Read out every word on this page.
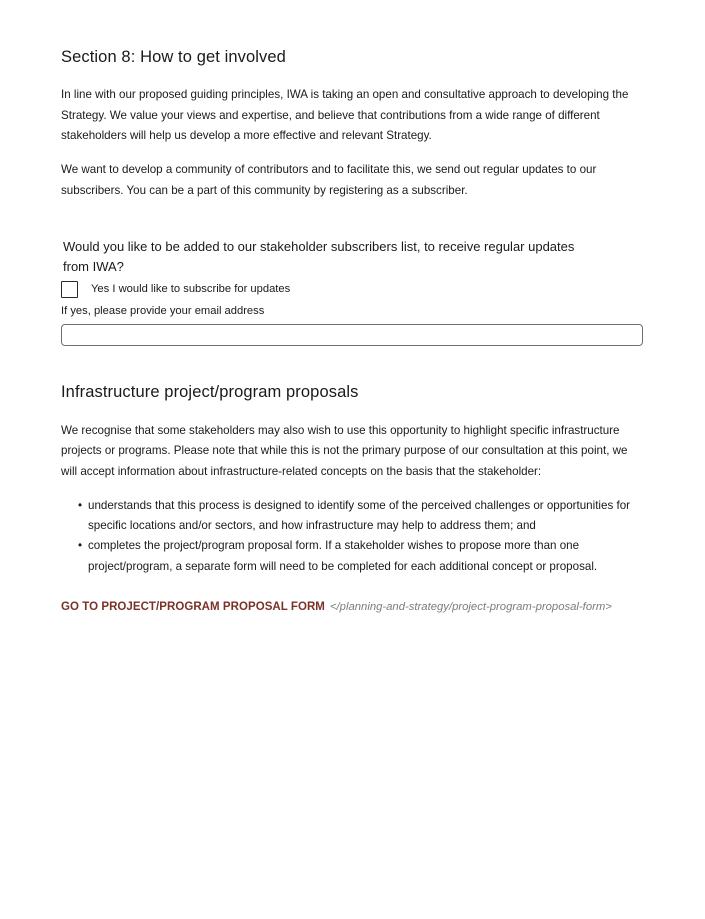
Section 8: How to get involved

In line with our proposed guiding principles, IWA is taking an open and consultative approach to developing the Strategy. We value your views and expertise, and believe that contributions from a wide range of different stakeholders will help us develop a more effective and relevant Strategy.

We want to develop a community of contributors and to facilitate this, we send out regular updates to our subscribers. You can be a part of this community by registering as a subscriber.

Would you like to be added to our stakeholder subscribers list, to receive regular updates from IWA?
Yes I would like to subscribe for updates
If yes, please provide your email address
Infrastructure project/program proposals

We recognise that some stakeholders may also wish to use this opportunity to highlight specific infrastructure projects or programs. Please note that while this is not the primary purpose of our consultation at this point, we will accept information about infrastructure-related concepts on the basis that the stakeholder:

• understands that this process is designed to identify some of the perceived challenges or opportunities for specific locations and/or sectors, and how infrastructure may help to address them; and
• completes the project/program proposal form. If a stakeholder wishes to propose more than one project/program, a separate form will need to be completed for each additional concept or proposal.
GO TO PROJECT/PROGRAM PROPOSAL FORM </planning-and-strategy/project-program-proposal-form>
